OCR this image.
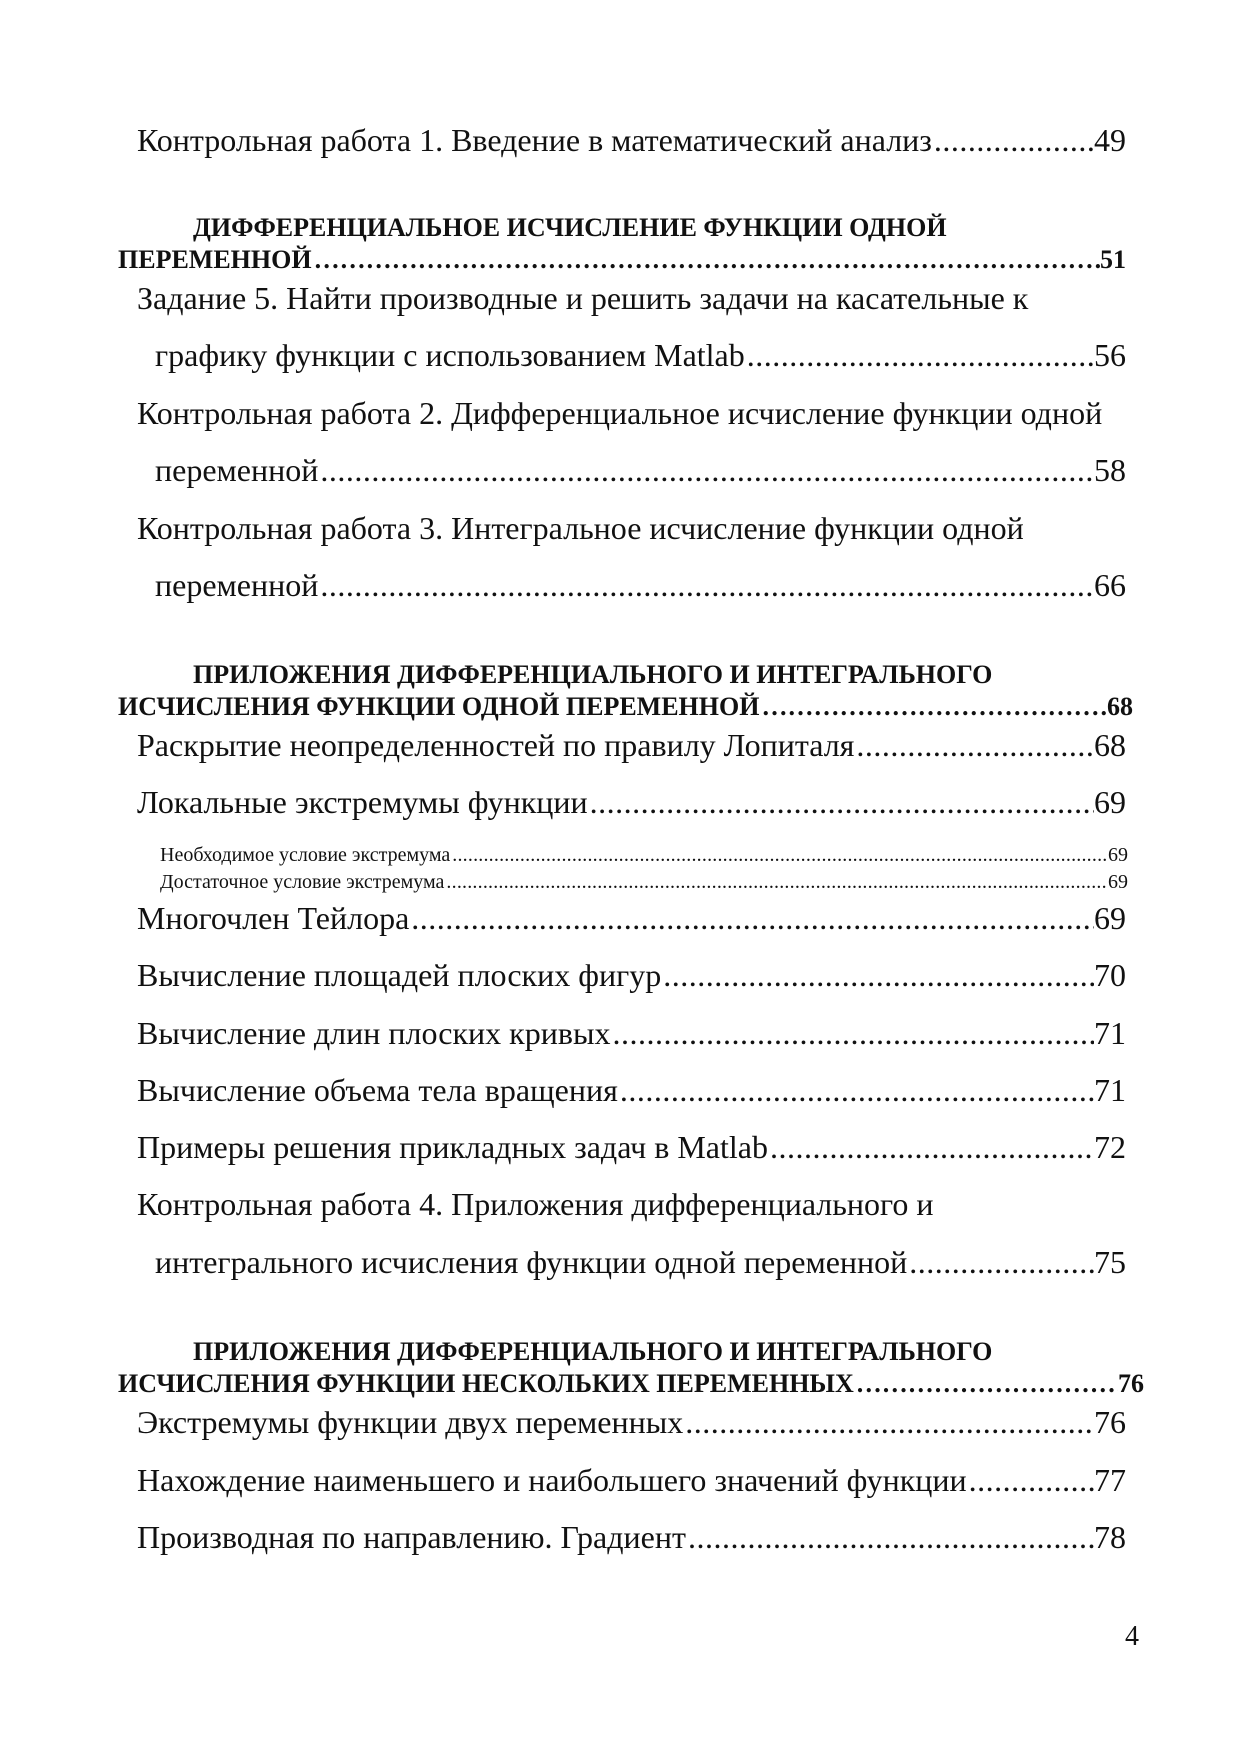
Контрольная работа 1. Введение в математический анализ .....	49
ДИФФЕРЕНЦИАЛЬНОЕ ИСЧИСЛЕНИЕ ФУНКЦИИ ОДНОЙ
ПЕРЕМЕННОЙ ………………………………………………………………………………………………………………………………………………………………………………………………………	51
Задание 5. Найти производные и решить задачи на касательные к
графику функции с использованием Matlab .....	56
Контрольная работа 2. Дифференциальное исчисление функции одной
переменной .....	58
Контрольная работа 3. Интегральное исчисление функции одной
переменной .....	66
ПРИЛОЖЕНИЯ ДИФФЕРЕНЦИАЛЬНОГО И ИНТЕГРАЛЬНОГО
ИСЧИСЛЕНИЯ ФУНКЦИИ ОДНОЙ ПЕРЕМЕННОЙ ………………………………………………………………………………………………………………………………………………………………………………………………………	68
Раскрытие неопределенностей по правилу Лопиталя .....	68
Локальные экстремумы функции .....	69
Необходимое условие экстремума .....	69
Достаточное условие экстремума .....	69
Многочлен Тейлора .....	69
Вычисление площадей плоских фигур .....	70
Вычисление длин плоских кривых .....	71
Вычисление объема тела вращения .....	71
Примеры решения прикладных задач в Matlab .....	72
Контрольная работа 4. Приложения дифференциального и
интегрального исчисления функции одной переменной .....	75
ПРИЛОЖЕНИЯ ДИФФЕРЕНЦИАЛЬНОГО И ИНТЕГРАЛЬНОГО
ИСЧИСЛЕНИЯ ФУНКЦИИ НЕСКОЛЬКИХ ПЕРЕМЕННЫХ ………………………………………………………………………………………………………………………………………………………………………………………………………	76
Экстремумы функции двух переменных .....	76
Нахождение наименьшего и наибольшего значений функции .....	77
Производная по направлению. Градиент .....	78
4
